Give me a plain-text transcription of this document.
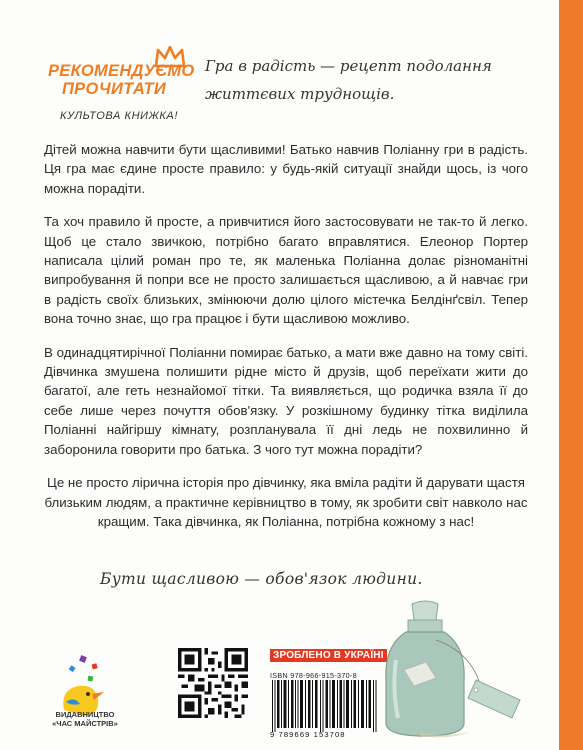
РЕКОМЕНДУЄМО
ПРОЧИТАТИ
КУЛЬТОВА КНИЖКА!
Гра в радість — рецепт подолання життєвих труднощів.

Дітей можна навчити бути щасливими! Батько навчив Поліанну гри в радість. Ця гра має єдине просте правило: у будь-якій ситуації знайди щось, із чого можна порадіти.

Та хоч правило й просте, а привчитися його застосовувати не так-то й легко. Щоб це стало звичкою, потрібно багато вправлятися. Елеонор Портер написала цілий роман про те, як маленька Поліанна долає різноманітні випробування й попри все не просто залишається щасливою, а й навчає гри в радість своїх близьких, змінюючи долю цілого містечка Белдінґсвіл. Тепер вона точно знає, що гра працює і бути щасливою можливо.

В одинадцятирічної Поліанни помирає батько, а мати вже давно на тому світі. Дівчинка змушена полишити рідне місто й друзів, щоб переїхати жити до багатої, але геть незнайомої тітки. Та виявляється, що родичка взяла її до себе лише через почуття обов'язку. У розкішному будинку тітка виділила Поліанні найгіршу кімнату, розпланувала її дні ледь не похвилинно й заборонила говорити про батька. З чого тут можна порадіти?

Це не просто лірична історія про дівчинку, яка вміла радіти й дарувати щастя близьким людям, а практичне керівництво в тому, як зробити світ навколо нас кращим. Така дівчинка, як Поліанна, потрібна кожному з нас!

Бути щасливою — обов'язок людини.
ВИДАВНИЦТВО
«ЧАС МАЙСТРІВ»
ЗРОБЛЕНО В УКРАЇНІ
ISBN 978-966-915-370-8
9 789669 153708
